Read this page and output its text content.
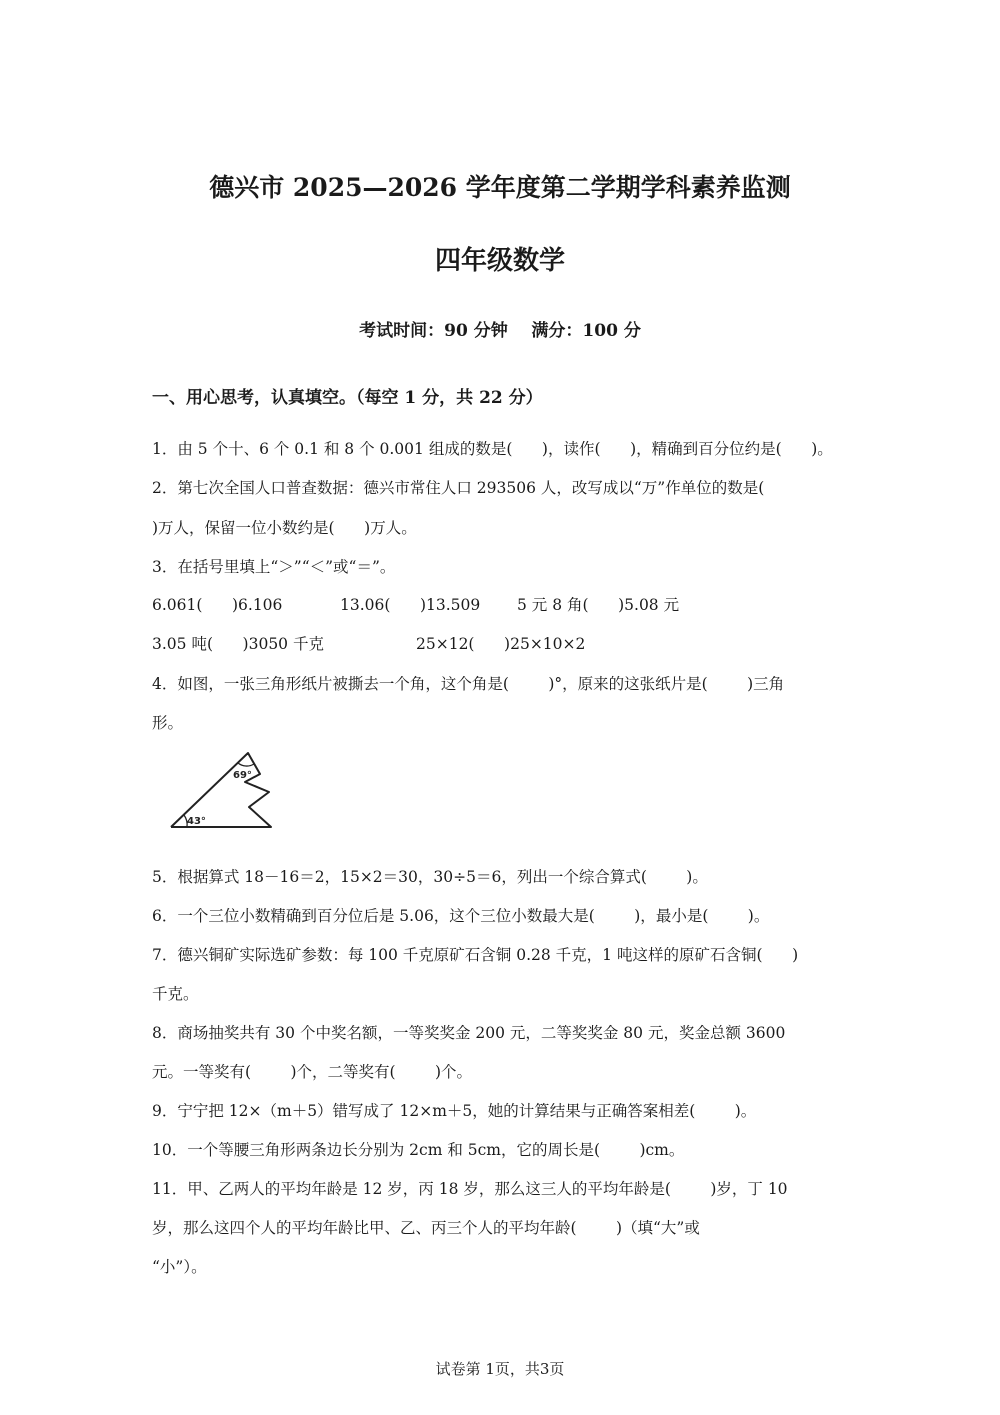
德兴市 2025—2026 学年度第二学期学科素养监测
四年级数学
考试时间：90 分钟    满分：100 分
一、用心思考，认真填空。（每空 1 分，共 22 分）
1．由 5 个十、6 个 0.1 和 8 个 0.001 组成的数是(      )，读作(      )，精确到百分位约是(      )。
2．第七次全国人口普查数据：德兴市常住人口 293506 人，改写成以“万”作单位的数是(
)万人，保留一位小数约是(      )万人。
3．在括号里填上“＞”“＜”或“＝”。
6.061(      )6.106	13.06(      )13.509 5 元 8 角(      )5.08 元
3.05 吨(      )3050 千克	25×12(      )25×10×2
4．如图，一张三角形纸片被撕去一个角，这个角是(        )°，原来的这张纸片是(        )三角
形。
69°
43°
5．根据算式 18－16＝2，15×2＝30，30÷5＝6，列出一个综合算式(        )。
6．一个三位小数精确到百分位后是 5.06，这个三位小数最大是(        )，最小是(        )。
7．德兴铜矿实际选矿参数：每 100 千克原矿石含铜 0.28 千克，1 吨这样的原矿石含铜(      )
千克。
8．商场抽奖共有 30 个中奖名额，一等奖奖金 200 元，二等奖奖金 80 元，奖金总额 3600
元。一等奖有(        )个，二等奖有(        )个。
9．宁宁把 12×（m＋5）错写成了 12×m＋5，她的计算结果与正确答案相差(        )。
10．一个等腰三角形两条边长分别为 2cm 和 5cm，它的周长是(        )cm。
11．甲、乙两人的平均年龄是 12 岁，丙 18 岁，那么这三人的平均年龄是(        )岁，丁 10
岁，那么这四个人的平均年龄比甲、乙、丙三个人的平均年龄(        )（填“大”或
“小”）。
试卷第 1页，共3页
